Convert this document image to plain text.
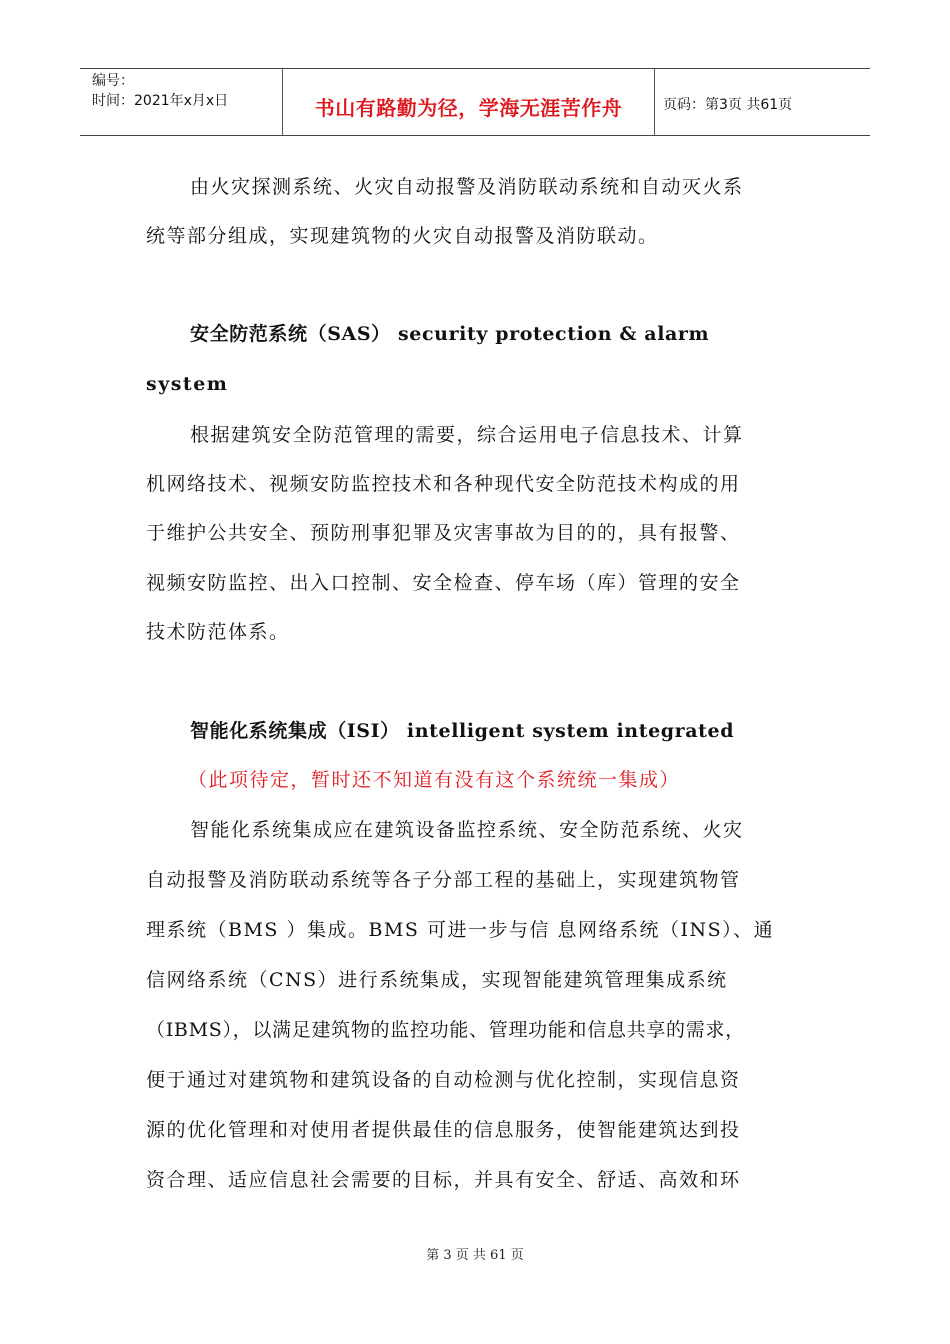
编号：
时间：2021年x月x日	书山有路勤为径，学海无涯苦作舟	页码：第3页 共61页
由火灾探测系统、火灾自动报警及消防联动系统和自动灭火系
统等部分组成，实现建筑物的火灾自动报警及消防联动。
安全防范系统（SAS） security protection & alarm
system
根据建筑安全防范管理的需要，综合运用电子信息技术、计算
机网络技术、视频安防监控技术和各种现代安全防范技术构成的用
于维护公共安全、预防刑事犯罪及灾害事故为目的的，具有报警、
视频安防监控、出入口控制、安全检查、停车场（库）管理的安全
技术防范体系。
智能化系统集成（ISI） intelligent system integrated
（此项待定，暂时还不知道有没有这个系统统一集成）
智能化系统集成应在建筑设备监控系统、安全防范系统、火灾
自动报警及消防联动系统等各子分部工程的基础上，实现建筑物管
理系统（BMS ）集成。BMS 可进一步与信 息网络系统（INS）、通
信网络系统（CNS）进行系统集成，实现智能建筑管理集成系统
（IBMS），以满足建筑物的监控功能、管理功能和信息共享的需求，
便于通过对建筑物和建筑设备的自动检测与优化控制，实现信息资
源的优化管理和对使用者提供最佳的信息服务，使智能建筑达到投
资合理、适应信息社会需要的目标，并具有安全、舒适、高效和环
第 3 页 共 61 页
